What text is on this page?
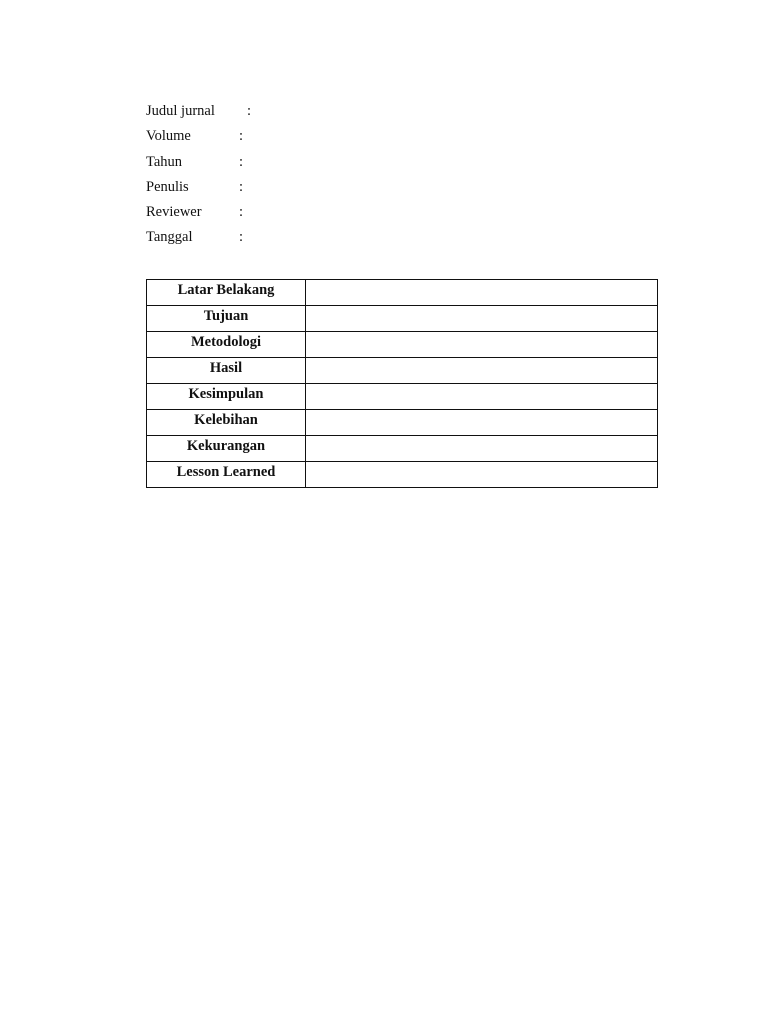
Judul jurnal :
Volume	:
Tahun	:
Penulis	:
Reviewer	:
Tanggal	:
Latar Belakang	
Tujuan	
Metodologi	
Hasil	
Kesimpulan	
Kelebihan	
Kekurangan	
Lesson Learned	
